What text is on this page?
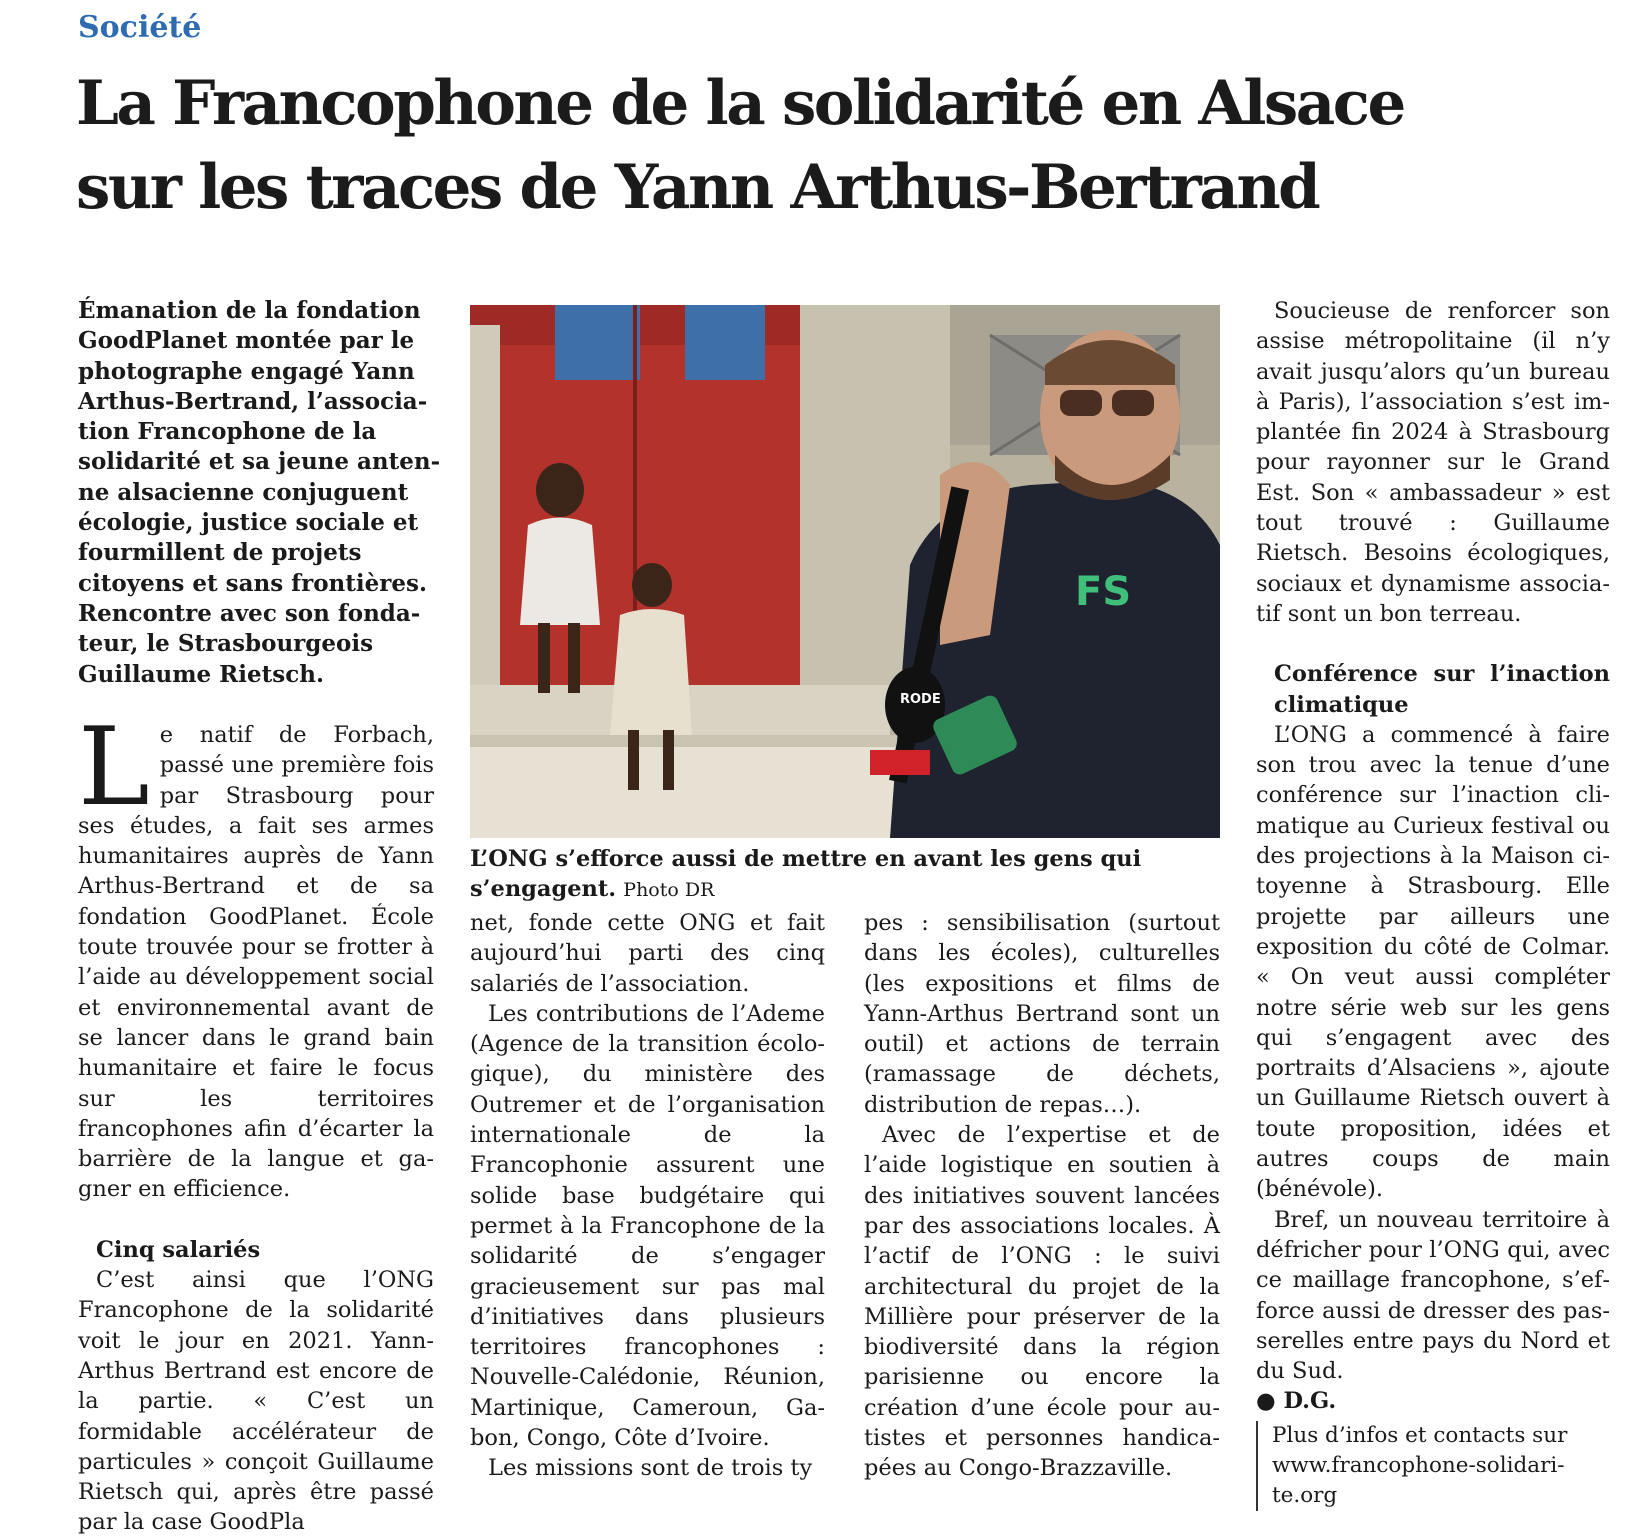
Société
La Francophone de la solidarité en Alsace
sur les traces de Yann Arthus-Bertrand
Émanation de la fondation
GoodPlanet montée par le
photographe engagé Yann
Arthus-Bertrand, l’associa-
tion Francophone de la
solidarité et sa jeune anten-
ne alsacienne conjuguent
écologie, justice sociale et
fourmillent de projets
citoyens et sans frontières.
Rencontre avec son fonda-
teur, le Strasbourgeois
Guillaume Rietsch.

Le natif de Forbach, passé une première fois par Strasbourg pour ses études, a fait ses armes humanitaires auprès de Yann Arthus-Bertrand et de sa fondation GoodPlanet. École toute trouvée pour se frotter à l’aide au développement social et environnemental avant de se lancer dans le grand bain humanitaire et faire le focus sur les territoires francophones afin d’écarter la barrière de la langue et gagner en efficience.

Cinq salariés

C’est ainsi que l’ONG Francophone de la solidarité voit le jour en 2021. Yann-Arthus Bertrand est encore de la partie. « C’est un formidable accélérateur de particules » conçoit Guillaume Rietsch qui, après être passé par la case GoodPla

FS
RODE
L’ONG s’efforce aussi de mettre en avant les gens qui s’engagent. Photo DR

net, fonde cette ONG et fait aujourd’hui parti des cinq salariés de l’association.

Les contributions de l’Ademe (Agence de la transition écologique), du ministère des Outremer et de l’organisation internationale de la Francophonie assurent une solide base budgétaire qui permet à la Francophone de la solidarité de s’engager gracieusement sur pas mal d’initiatives dans plusieurs territoires francophones : Nouvelle-Calédonie, Réunion, Martinique, Cameroun, Gabon, Congo, Côte d’Ivoire.

Les missions sont de trois ty

pes : sensibilisation (surtout dans les écoles), culturelles (les expositions et films de Yann-Arthus Bertrand sont un outil) et actions de terrain (ramassage de déchets, distribution de repas…).

Avec de l’expertise et de l’aide logistique en soutien à des initiatives souvent lancées par des associations locales. À l’actif de l’ONG : le suivi architectural du projet de la Millière pour préserver de la biodiversité dans la région parisienne ou encore la création d’une école pour autistes et personnes handicapées au Congo-Brazzaville.

Soucieuse de renforcer son assise métropolitaine (il n’y avait jusqu’alors qu’un bureau à Paris), l’association s’est implantée fin 2024 à Strasbourg pour rayonner sur le Grand Est. Son « ambassadeur » est tout trouvé : Guillaume Rietsch. Besoins écologiques, sociaux et dynamisme associatif sont un bon terreau.

Conférence sur l’inaction climatique

L’ONG a commencé à faire son trou avec la tenue d’une conférence sur l’inaction climatique au Curieux festival ou des projections à la Maison citoyenne à Strasbourg. Elle projette par ailleurs une exposition du côté de Colmar. « On veut aussi compléter notre série web sur les gens qui s’engagent avec des portraits d’Alsaciens », ajoute un Guillaume Rietsch ouvert à toute proposition, idées et autres coups de main (bénévole).

Bref, un nouveau territoire à défricher pour l’ONG qui, avec ce maillage francophone, s’efforce aussi de dresser des passerelles entre pays du Nord et du Sud.

● D.G.

Plus d’infos et contacts sur
www.francophone-solidari-
te.org
